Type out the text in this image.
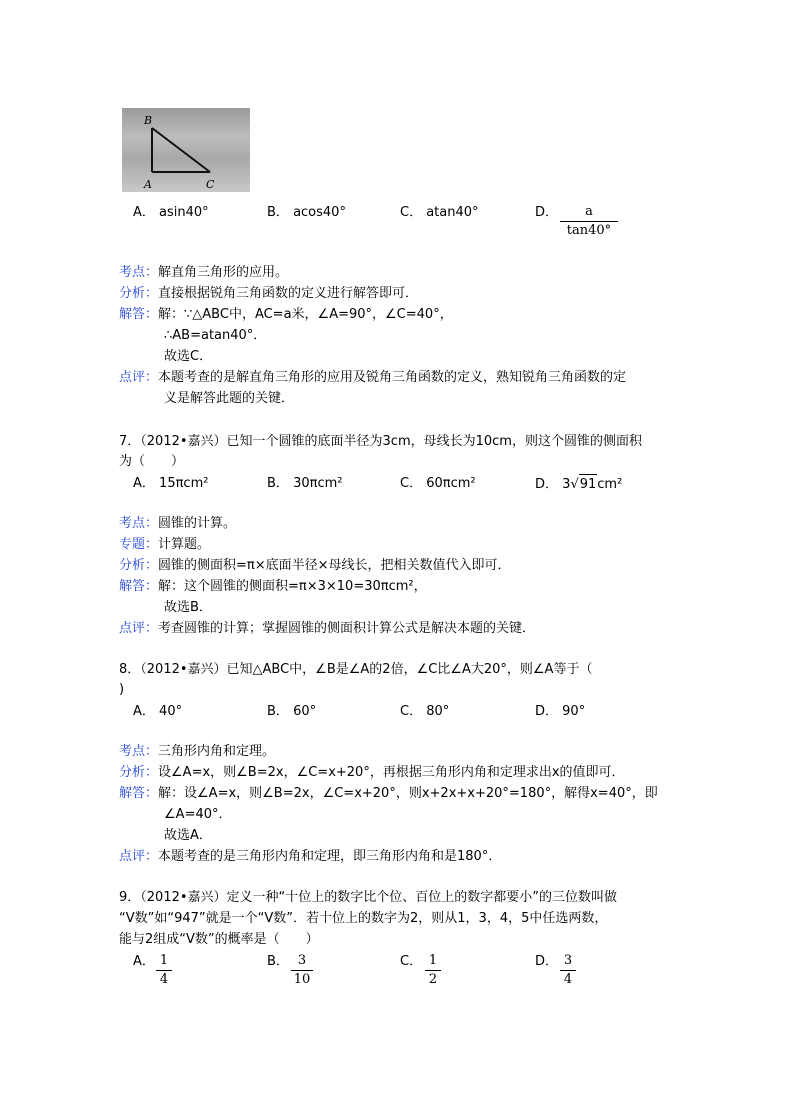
B
A	C
A． asin40°	B． acos40°	C． atan40°	D． $\frac{a}{\tan 40^\circ}$
考点：解直角三角形的应用。
分析：直接根据锐角三角函数的定义进行解答即可．
解答：解：∵△ABC中，AC=a米，∠A=90°，∠C=40°，
∴AB=atan40°．
故选C．
点评：本题考查的是解直角三角形的应用及锐角三角函数的定义，熟知锐角三角函数的定
义是解答此题的关键．
7．（2012•嘉兴）已知一个圆锥的底面半径为3cm，母线长为10cm，则这个圆锥的侧面积
为（　　）
A． 15πcm²	B． 30πcm²	C． 60πcm²	D． 3√91cm²
考点：圆锥的计算。
专题：计算题。
分析：圆锥的侧面积=π×底面半径×母线长，把相关数值代入即可．
解答：解：这个圆锥的侧面积=π×3×10=30πcm²，
故选B．
点评：考查圆锥的计算；掌握圆锥的侧面积计算公式是解决本题的关键．
8．（2012•嘉兴）已知△ABC中，∠B是∠A的2倍，∠C比∠A大20°，则∠A等于（
)
A． 40°	B． 60°	C． 80°	D． 90°
考点：三角形内角和定理。
分析：设∠A=x，则∠B=2x，∠C=x+20°，再根据三角形内角和定理求出x的值即可．
解答：解：设∠A=x，则∠B=2x，∠C=x+20°，则x+2x+x+20°=180°，解得x=40°，即
∠A=40°．
故选A．
点评：本题考查的是三角形内角和定理，即三角形内角和是180°．
9．（2012•嘉兴）定义一种“十位上的数字比个位、百位上的数字都要小”的三位数叫做
“V数”如“947”就是一个“V数”．若十位上的数字为2，则从1，3，4，5中任选两数，
能与2组成“V数”的概率是（　　）
A． $\frac{1}{4}$	B． $\frac{3}{10}$	C． $\frac{1}{2}$	D． $\frac{3}{4}$
